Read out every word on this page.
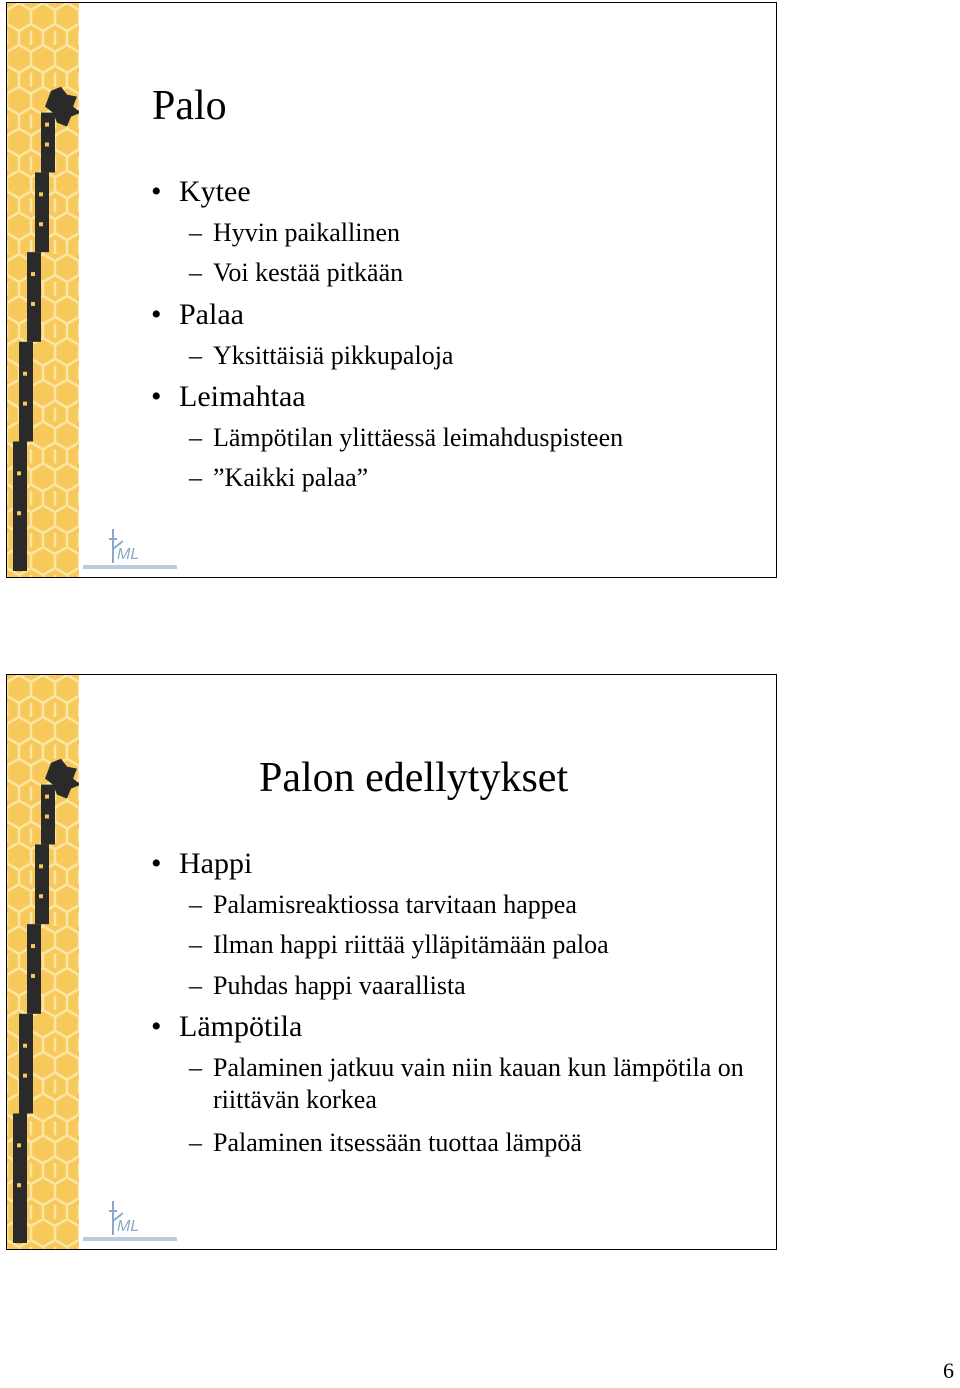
ML
Palo
• Kytee
– Hyvin paikallinen
– Voi kestää pitkään
• Palaa
– Yksittäisiä pikkupaloja
• Leimahtaa
– Lämpötilan ylittäessä leimahduspisteen
– ”Kaikki palaa”
ML
Palon edellytykset
• Happi
– Palamisreaktiossa tarvitaan happea
– Ilman happi riittää ylläpitämään paloa
– Puhdas happi vaarallista
• Lämpötila
– Palaminen jatkuu vain niin kauan kun lämpötila on riittävän korkea
– Palaminen itsessään tuottaa lämpöä
6
